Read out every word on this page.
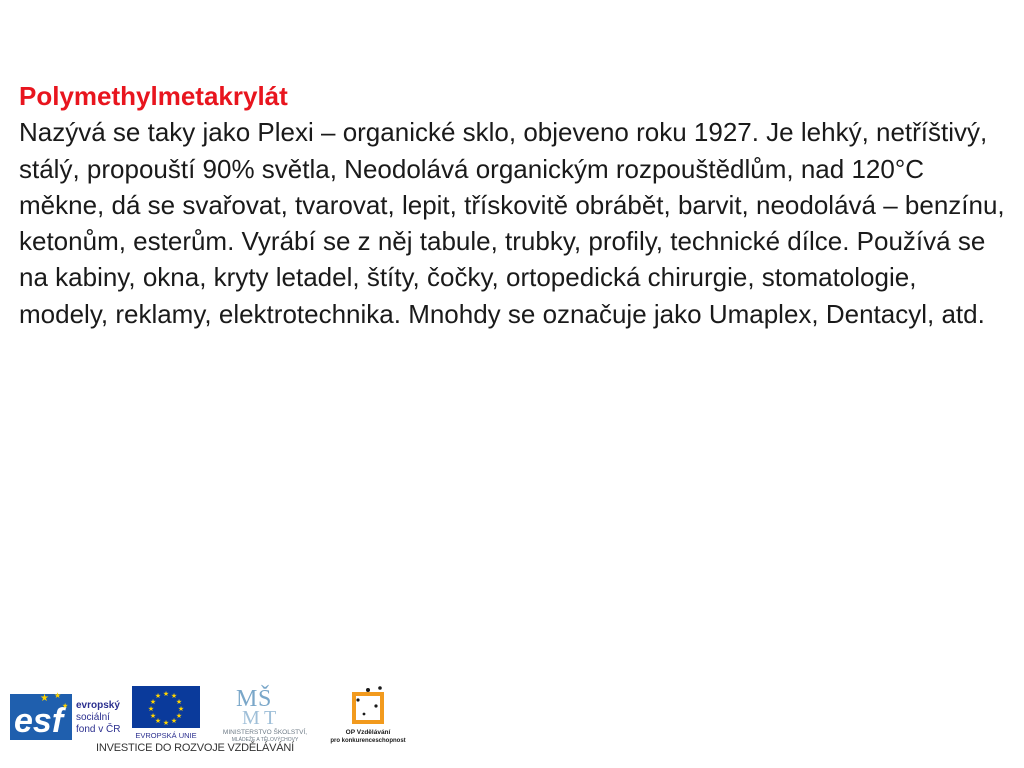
Polymethylmetakrylát
Nazývá se taky jako Plexi – organické sklo, objeveno roku 1927. Je lehký, netříštivý, stálý, propouští 90% světla, Neodolává organickým rozpouštědlům, nad 120°C měkne, dá se svařovat, tvarovat, lepit, třískovitě obrábět, barvit, neodolává – benzínu, ketonům, esterům. Vyrábí se z něj tabule, trubky, profily, technické dílce. Používá se na kabiny, okna, kryty letadel, štíty, čočky, ortopedická chirurgie, stomatologie, modely, reklamy, elektrotechnika. Mnohdy se označuje jako Umaplex, Dentacyl, atd.
esf
★ ★
★ evropský
sociální
fond v ČR
★ ★
★
★
★
★
★
★
★
★
★
★
EVROPSKÁ UNIE
M Š
M T
MINISTERSTVO ŠKOLSTVÍ,
MLÁDEŽE A TĚLOVÝCHOVY
OP Vzdělávání
pro konkurenceschopnost
INVESTICE DO ROZVOJE VZDĚLÁVÁNÍ
